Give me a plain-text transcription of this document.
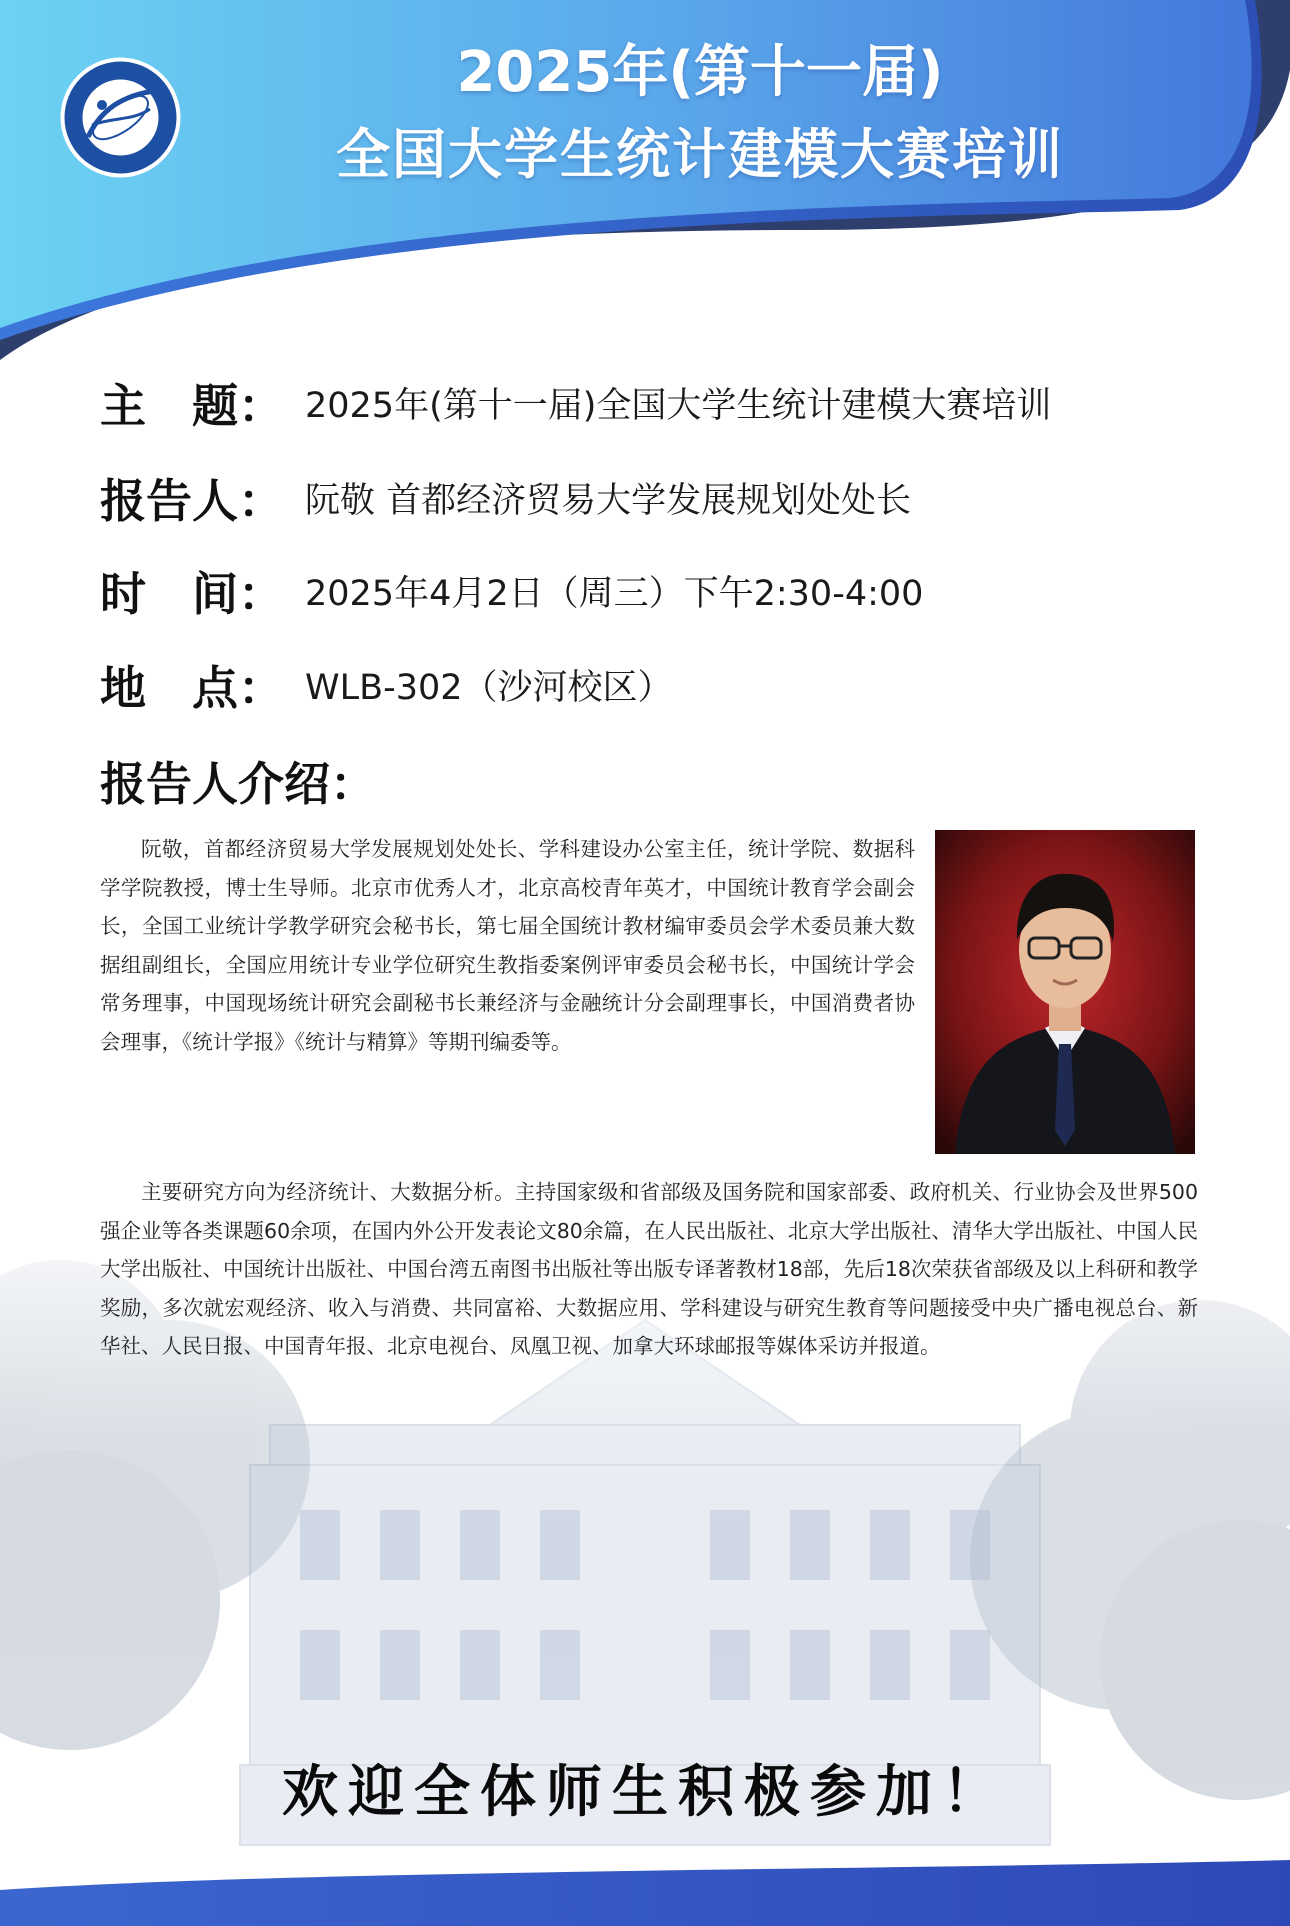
2025年(第十一届)
全国大学生统计建模大赛培训
主　题： 2025年(第十一届)全国大学生统计建模大赛培训
报告人： 阮敬 首都经济贸易大学发展规划处处长
时　间： 2025年4月2日（周三）下午2:30-4:00
地　点： WLB-302（沙河校区）
报告人介绍：

阮敬，首都经济贸易大学发展规划处处长、学科建设办公室主任，统计学院、数据科学学院教授，博士生导师。北京市优秀人才，北京高校青年英才，中国统计教育学会副会长，全国工业统计学教学研究会秘书长，第七届全国统计教材编审委员会学术委员兼大数据组副组长，全国应用统计专业学位研究生教指委案例评审委员会秘书长，中国统计学会常务理事，中国现场统计研究会副秘书长兼经济与金融统计分会副理事长，中国消费者协会理事，《统计学报》《统计与精算》等期刊编委等。

主要研究方向为经济统计、大数据分析。主持国家级和省部级及国务院和国家部委、政府机关、行业协会及世界500强企业等各类课题60余项，在国内外公开发表论文80余篇，在人民出版社、北京大学出版社、清华大学出版社、中国人民大学出版社、中国统计出版社、中国台湾五南图书出版社等出版专译著教材18部，先后18次荣获省部级及以上科研和教学奖励，多次就宏观经济、收入与消费、共同富裕、大数据应用、学科建设与研究生教育等问题接受中央广播电视总台、新华社、人民日报、中国青年报、北京电视台、凤凰卫视、加拿大环球邮报等媒体采访并报道。

欢迎全体师生积极参加！
